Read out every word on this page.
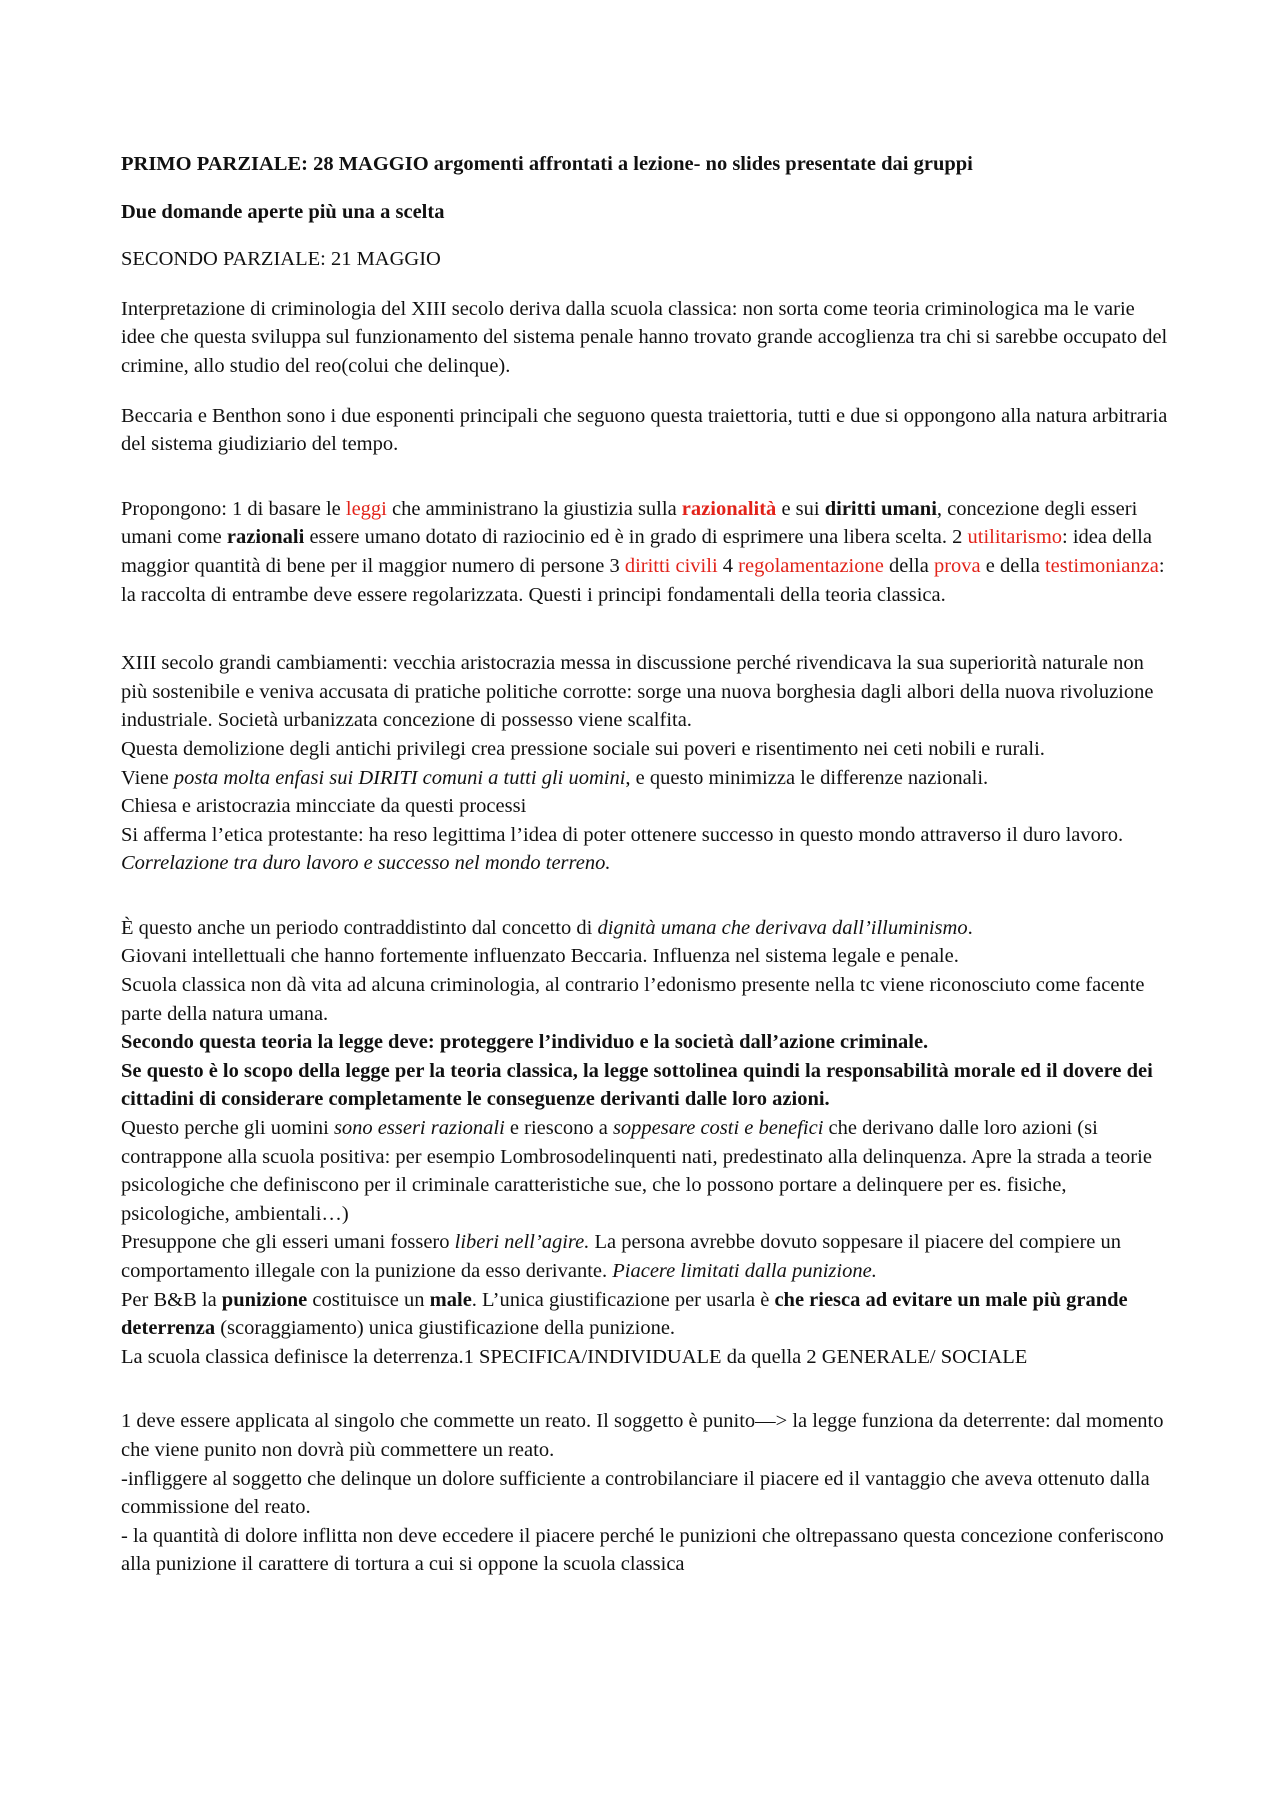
PRIMO PARZIALE: 28 MAGGIO argomenti affrontati a lezione- no slides presentate dai gruppi

Due domande aperte più una a scelta

SECONDO PARZIALE: 21 MAGGIO

Interpretazione di criminologia del XIII secolo deriva dalla scuola classica: non sorta come teoria criminologica ma le varie idee che questa sviluppa sul funzionamento del sistema penale hanno trovato grande accoglienza tra chi si sarebbe occupato del crimine, allo studio del reo(colui che delinque).

Beccaria e Benthon sono i due esponenti principali che seguono questa traiettoria, tutti e due si oppongono alla natura arbitraria del sistema giudiziario del tempo.

Propongono: 1 di basare le leggi che amministrano la giustizia sulla razionalità e sui diritti umani, concezione degli esseri umani come razionali essere umano dotato di raziocinio ed è in grado di esprimere una libera scelta. 2 utilitarismo: idea della maggior quantità di bene per il maggior numero di persone 3 diritti civili 4 regolamentazione della prova e della testimonianza: la raccolta di entrambe deve essere regolarizzata. Questi i principi fondamentali della teoria classica.

XIII secolo grandi cambiamenti: vecchia aristocrazia messa in discussione perché rivendicava la sua superiorità naturale non più sostenibile e veniva accusata di pratiche politiche corrotte: sorge una nuova borghesia dagli albori della nuova rivoluzione industriale. Società urbanizzata concezione di possesso viene scalfita.

Questa demolizione degli antichi privilegi crea pressione sociale sui poveri e risentimento nei ceti nobili e rurali.

Viene posta molta enfasi sui DIRITI comuni a tutti gli uomini, e questo minimizza le differenze nazionali.

Chiesa e aristocrazia mincciate da questi processi

Si afferma l’etica protestante: ha reso legittima l’idea di poter ottenere successo in questo mondo attraverso il duro lavoro. Correlazione tra duro lavoro e successo nel mondo terreno.

È questo anche un periodo contraddistinto dal concetto di dignità umana che derivava dall’illuminismo.

Giovani intellettuali che hanno fortemente influenzato Beccaria. Influenza nel sistema legale e penale.

Scuola classica non dà vita ad alcuna criminologia, al contrario l’edonismo presente nella tc viene riconosciuto come facente parte della natura umana.

Secondo questa teoria la legge deve: proteggere l’individuo e la società dall’azione criminale.

Se questo è lo scopo della legge per la teoria classica, la legge sottolinea quindi la responsabilità morale ed il dovere dei cittadini di considerare completamente le conseguenze derivanti dalle loro azioni.

Questo perche gli uomini sono esseri razionali e riescono a soppesare costi e benefici che derivano dalle loro azioni (si contrappone alla scuola positiva: per esempio Lombrosodelinquenti nati, predestinato alla delinquenza. Apre la strada a teorie psicologiche che definiscono per il criminale caratteristiche sue, che lo possono portare a delinquere per es. fisiche, psicologiche, ambientali…)

Presuppone che gli esseri umani fossero liberi nell’agire. La persona avrebbe dovuto soppesare il piacere del compiere un comportamento illegale con la punizione da esso derivante. Piacere limitati dalla punizione.

Per B&B la punizione costituisce un male. L’unica giustificazione per usarla è che riesca ad evitare un male più grande deterrenza (scoraggiamento) unica giustificazione della punizione.

La scuola classica definisce la deterrenza.1 SPECIFICA/INDIVIDUALE da quella 2 GENERALE/ SOCIALE

1 deve essere applicata al singolo che commette un reato. Il soggetto è punito—> la legge funziona da deterrente: dal momento che viene punito non dovrà più commettere un reato.

-infliggere al soggetto che delinque un dolore sufficiente a controbilanciare il piacere ed il vantaggio che aveva ottenuto dalla commissione del reato.

- la quantità di dolore inflitta non deve eccedere il piacere perché le punizioni che oltrepassano questa concezione conferiscono alla punizione il carattere di tortura a cui si oppone la scuola classica
